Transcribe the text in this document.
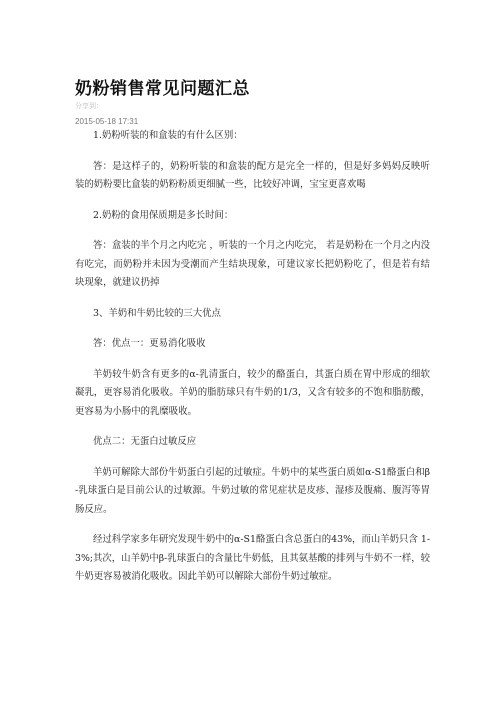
奶粉销售常见问题汇总
分享到：
2015-05-18 17:31

1.奶粉听装的和盒装的有什么区别：

答：是这样子的，奶粉听装的和盒装的配方是完全一样的，但是好多妈妈反映听装的奶粉要比盒装的奶粉粉质更细腻一些，比较好冲调，宝宝更喜欢喝

2.奶粉的食用保质期是多长时间：

答：盒装的半个月之内吃完 ，听装的一个月之内吃完， 若是奶粉在一个月之内没有吃完，而奶粉并未因为受潮而产生结块现象，可建议家长把奶粉吃了，但是若有结块现象，就建议扔掉

3、羊奶和牛奶比较的三大优点

答：优点一：更易消化吸收

羊奶较牛奶含有更多的α-乳清蛋白，较少的酪蛋白，其蛋白质在胃中形成的细软凝乳，更容易消化吸收。羊奶的脂肪球只有牛奶的1/3，又含有较多的不饱和脂肪酸，更容易为小肠中的乳糜吸收。

优点二：无蛋白过敏反应

羊奶可解除大部份牛奶蛋白引起的过敏症。牛奶中的某些蛋白质如α-S1酪蛋白和β-乳球蛋白是目前公认的过敏源。牛奶过敏的常见症状是皮疹、湿疹及腹痛、腹泻等胃肠反应。

经过科学家多年研究发现牛奶中的α-S1酪蛋白含总蛋白的43%，而山羊奶只含 1-3%;其次，山羊奶中β-乳球蛋白的含量比牛奶低，且其氨基酸的排列与牛奶不一样，较牛奶更容易被消化吸收。因此羊奶可以解除大部份牛奶过敏症。
